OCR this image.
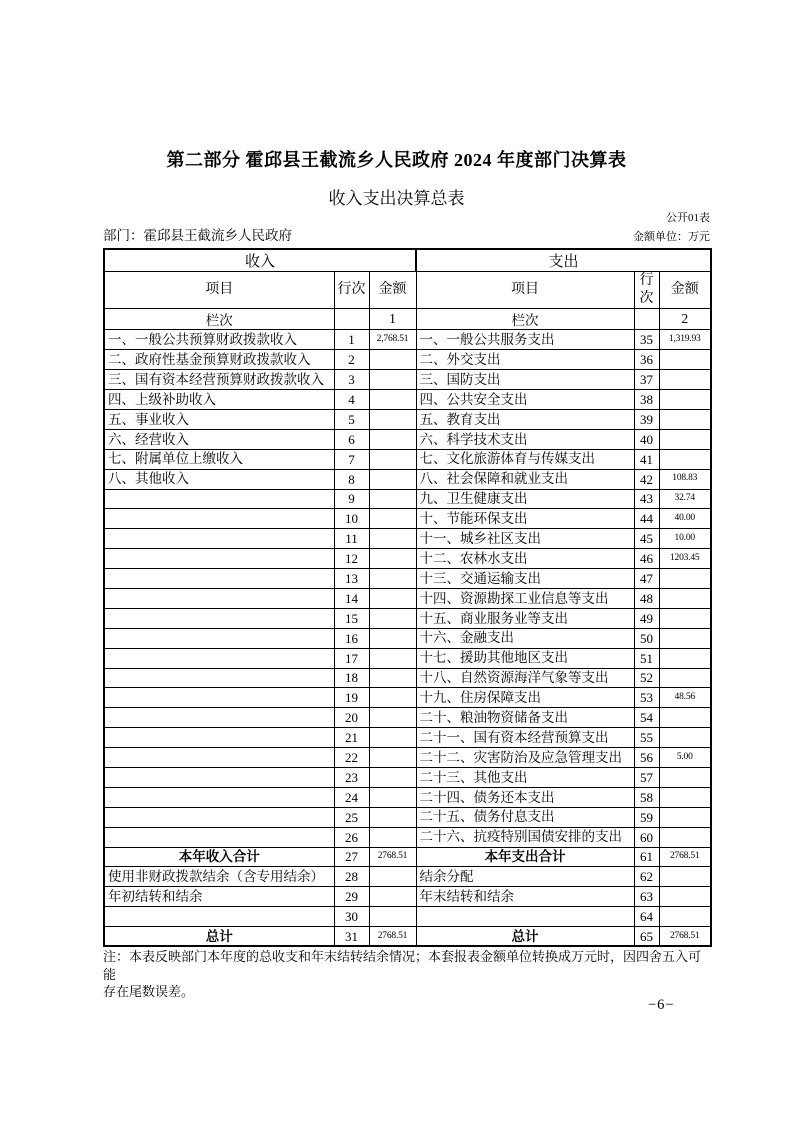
第二部分 霍邱县王截流乡人民政府 2024 年度部门决算表
收入支出决算总表
公开01表
部门：霍邱县王截流乡人民政府	金额单位：万元
收入			支出		
项目	行次	金额	项目	行次	金额
栏次		1	栏次		2
一、一般公共预算财政拨款收入	1	2,768.51	一、一般公共服务支出	35	1,319.93
二、政府性基金预算财政拨款收入	2		二、外交支出	36	
三、国有资本经营预算财政拨款收入	3		三、国防支出	37	
四、上级补助收入	4		四、公共安全支出	38	
五、事业收入	5		五、教育支出	39	
六、经营收入	6		六、科学技术支出	40	
七、附属单位上缴收入	7		七、文化旅游体育与传媒支出	41	
八、其他收入	8		八、社会保障和就业支出	42	108.83
	9		九、卫生健康支出	43	32.74
	10		十、节能环保支出	44	40.00
	11		十一、城乡社区支出	45	10.00
	12		十二、农林水支出	46	1203.45
	13		十三、交通运输支出	47	
	14		十四、资源勘探工业信息等支出	48	
	15		十五、商业服务业等支出	49	
	16		十六、金融支出	50	
	17		十七、援助其他地区支出	51	
	18		十八、自然资源海洋气象等支出	52	
	19		十九、住房保障支出	53	48.56
	20		二十、粮油物资储备支出	54	
	21		二十一、国有资本经营预算支出	55	
	22		二十二、灾害防治及应急管理支出	56	5.00
	23		二十三、其他支出	57	
	24		二十四、债务还本支出	58	
	25		二十五、债务付息支出	59	
	26		二十六、抗疫特别国债安排的支出	60	
本年收入合计	27	2768.51	本年支出合计	61	2768.51
使用非财政拨款结余（含专用结余）	28		结余分配	62	
年初结转和结余	29		年末结转和结余	63	
	30			64	
总计	31	2768.51	总计	65	2768.51
注：本表反映部门本年度的总收支和年末结转结余情况；本套报表金额单位转换成万元时，因四舍五入可能
存在尾数误差。
−6−
